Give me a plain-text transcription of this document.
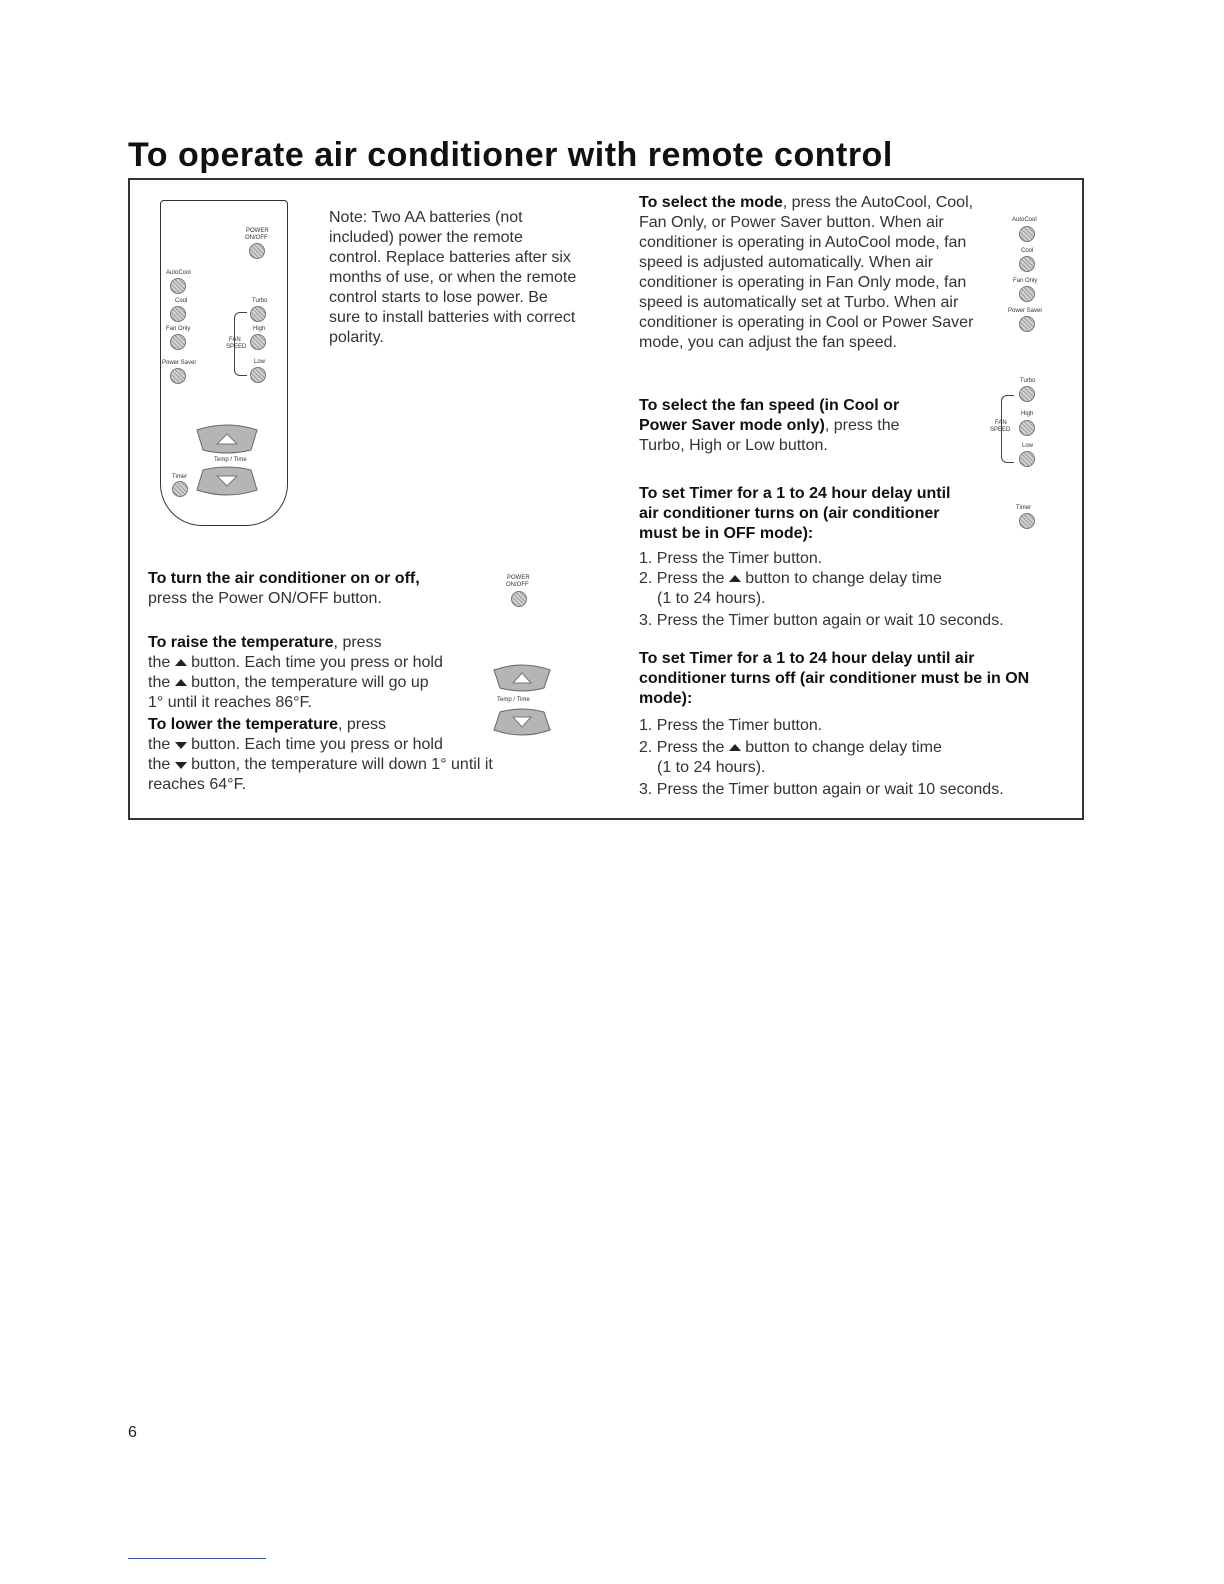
To operate air conditioner with remote control
POWER
ON/OFF
AutoCool
Cool	Turbo
Fan Only	High
FAN
SPEED
Power Saver	Low
Temp / Time
Timer
Note: Two AA batteries (not included) power the remote control. Replace batteries after six months of use, or when the remote control starts to lose power. Be sure to install batteries with correct polarity.
To turn the air conditioner on or off,
press the Power ON/OFF button.
POWER
ON/OFF
To raise the temperature, press
the button. Each time you press or hold
the button, the temperature will go up
1° until it reaches 86°F.	Temp / Time
To lower the temperature, press
the button. Each time you press or hold
the button, the temperature will down 1° until it
reaches 64°F.
To select the mode, press the AutoCool, Cool, Fan Only, or Power Saver button. When air conditioner is operating in AutoCool mode, fan speed is adjusted automatically. When air conditioner is operating in Fan Only mode, fan speed is automatically set at Turbo. When air conditioner is operating in Cool or Power Saver mode, you can adjust the fan speed.
AutoCool
Cool
Fan Only
Power Saver
To select the fan speed (in Cool or Power Saver mode only), press the Turbo, High or Low button.
Turbo
High
FAN
SPEED
Low
To set Timer for a 1 to 24 hour delay until air conditioner turns on (air conditioner must be in OFF mode):
Timer
1. Press the Timer button.
2. Press the button to change delay time
(1 to 24 hours).
3. Press the Timer button again or wait 10 seconds.
To set Timer for a 1 to 24 hour delay until air conditioner turns off (air conditioner must be in ON mode):
1. Press the Timer button.
2. Press the button to change delay time
(1 to 24 hours).
3. Press the Timer button again or wait 10 seconds.
6
